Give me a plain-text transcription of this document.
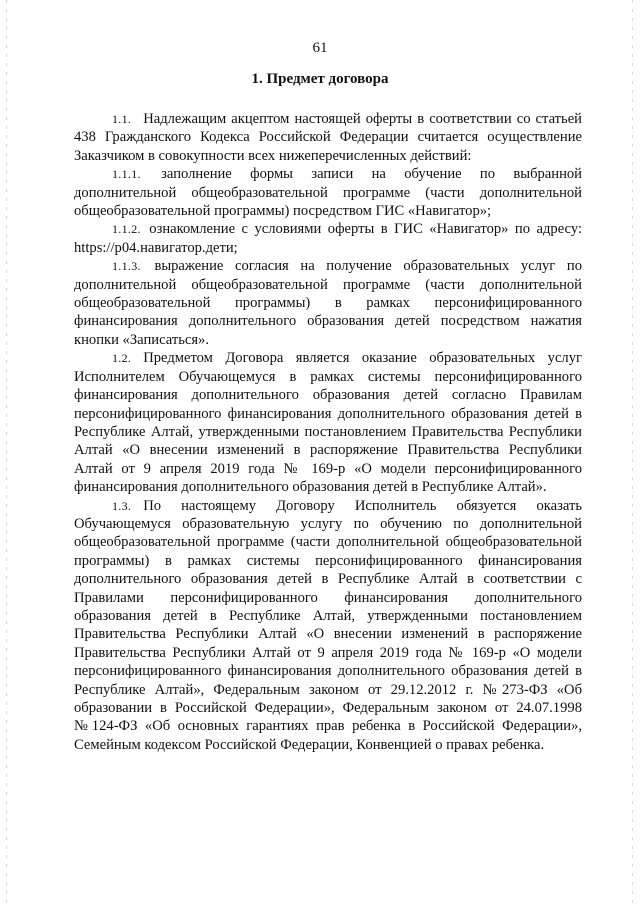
61
1. Предмет договора

1.1. Надлежащим акцептом настоящей оферты в соответствии со статьей 438 Гражданского Кодекса Российской Федерации считается осуществление Заказчиком в совокупности всех нижеперечисленных действий:

1.1.1. заполнение формы записи на обучение по выбранной дополнительной общеобразовательной программе (части дополнительной общеобразовательной программы) посредством ГИС «Навигатор»;

1.1.2. ознакомление с условиями оферты в ГИС «Навигатор» по адресу: https://p04.навигатор.дети;

1.1.3. выражение согласия на получение образовательных услуг по дополнительной общеобразовательной программе (части дополнительной общеобразовательной программы) в рамках персонифицированного финансирования дополнительного образования детей посредством нажатия кнопки «Записаться».

1.2. Предметом Договора является оказание образовательных услуг Исполнителем Обучающемуся в рамках системы персонифицированного финансирования дополнительного образования детей согласно Правилам персонифицированного финансирования дополнительного образования детей в Республике Алтай, утвержденными постановлением Правительства Республики Алтай «О внесении изменений в распоряжение Правительства Республики Алтай от 9 апреля 2019 года № 169-р «О модели персонифицированного финансирования дополнительного образования детей в Республике Алтай».

1.3. По настоящему Договору Исполнитель обязуется оказать Обучающемуся образовательную услугу по обучению по дополнительной общеобразовательной программе (части дополнительной общеобразовательной программы) в рамках системы персонифицированного финансирования дополнительного образования детей в Республике Алтай в соответствии с Правилами персонифицированного финансирования дополнительного образования детей в Республике Алтай, утвержденными постановлением Правительства Республики Алтай «О внесении изменений в распоряжение Правительства Республики Алтай от 9 апреля 2019 года № 169-р «О модели персонифицированного финансирования дополнительного образования детей в Республике Алтай», Федеральным законом от 29.12.2012 г. №273-ФЗ «Об образовании в Российской Федерации», Федеральным законом от 24.07.1998 №124-ФЗ «Об основных гарантиях прав ребенка в Российской Федерации», Семейным кодексом Российской Федерации, Конвенцией о правах ребенка.
